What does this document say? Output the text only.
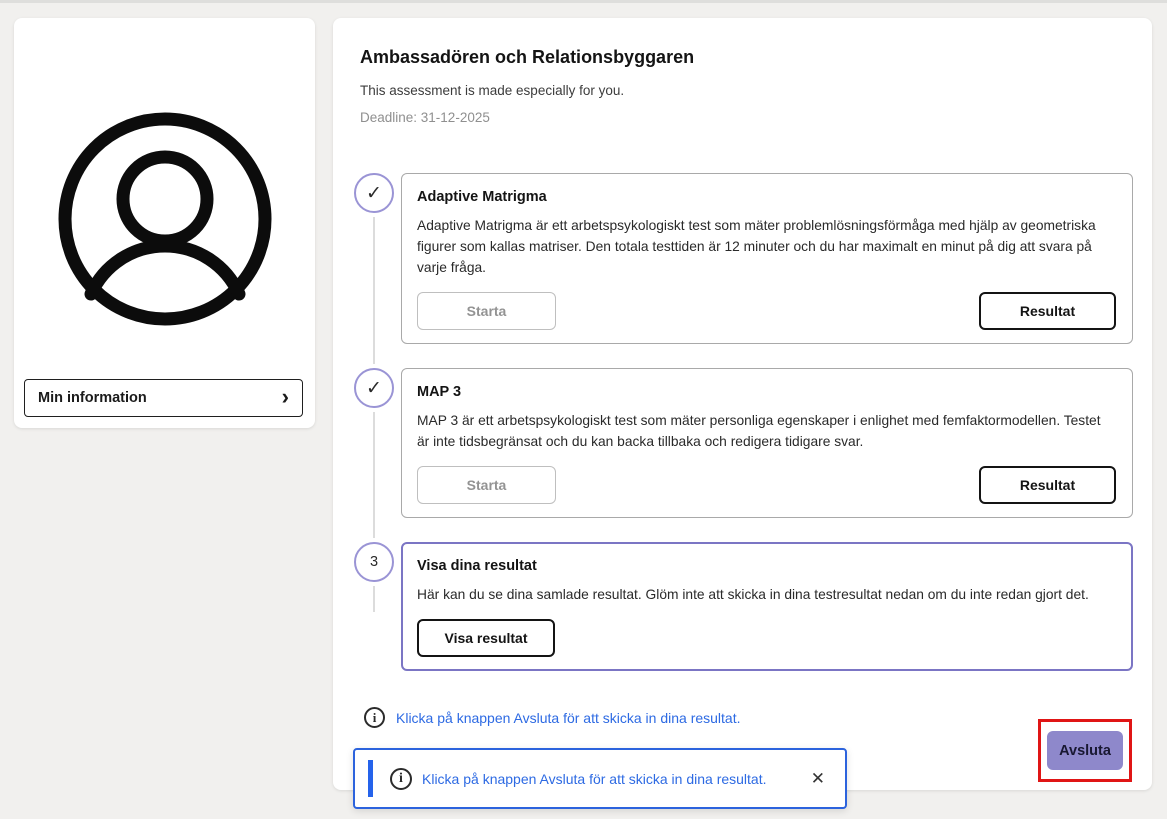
Min information	›
Ambassadören och Relationsbyggaren
This assessment is made especially for you.
Deadline: 31-12-2025
✓ Adaptive Matrigma
Adaptive Matrigma är ett arbetspsykologiskt test som mäter problemlösningsförmåga med hjälp av geometriska figurer som kallas matriser. Den totala testtiden är 12 minuter och du har maximalt en minut på dig att svara på varje fråga.
Starta	Resultat
✓ MAP 3
MAP 3 är ett arbetspsykologiskt test som mäter personliga egenskaper i enlighet med femfaktormodellen. Testet är inte tidsbegränsat och du kan backa tillbaka och redigera tidigare svar.
Starta	Resultat
3	Visa dina resultat
Här kan du se dina samlade resultat. Glöm inte att skicka in dina testresultat nedan om du inte redan gjort det.
Visa resultat
i	Klicka på knappen Avsluta för att skicka in dina resultat.
Avsluta
i	Klicka på knappen Avsluta för att skicka in dina resultat.	✕
